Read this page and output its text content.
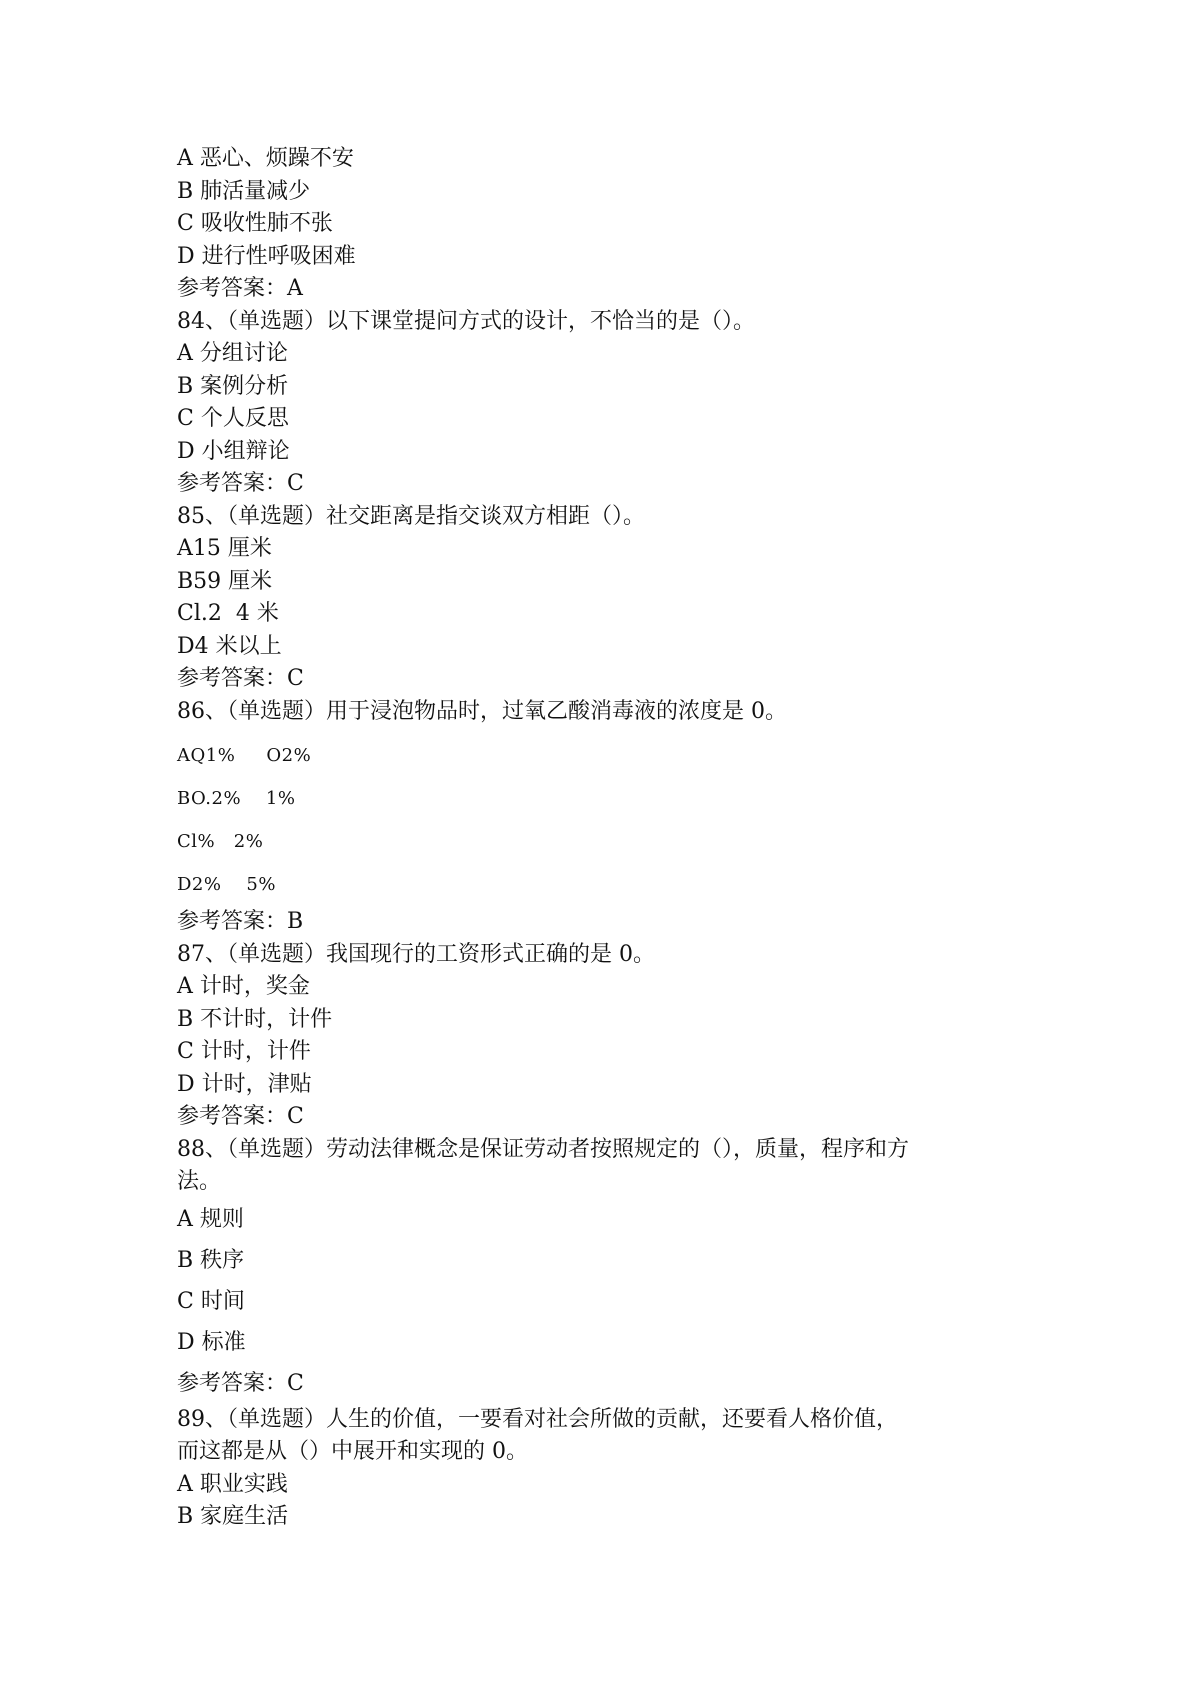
A 恶心、烦躁不安

B 肺活量减少

C 吸收性肺不张

D 进行性呼吸困难

参考答案：A

84、（单选题）以下课堂提问方式的设计，不恰当的是（）。

A 分组讨论

B 案例分析

C 个人反思

D 小组辩论

参考答案：C

85、（单选题）社交距离是指交谈双方相距（）。

A15 厘米

B59 厘米

Cl.2  4 米

D4 米以上

参考答案：C

86、（单选题）用于浸泡物品时，过氧乙酸消毒液的浓度是 0。

AQ1%     O2%

BO.2%    1%

Cl%   2%

D2%    5%

参考答案：B

87、（单选题）我国现行的工资形式正确的是 0。

A 计时，奖金

B 不计时，计件

C 计时，计件

D 计时，津贴

参考答案：C

88、（单选题）劳动法律概念是保证劳动者按照规定的（），质量，程序和方

法。

A 规则

B 秩序

C 时间

D 标准

参考答案：C

89、（单选题）人生的价值，一要看对社会所做的贡献，还要看人格价值，

而这都是从（）中展开和实现的 0。

A 职业实践

B 家庭生活
